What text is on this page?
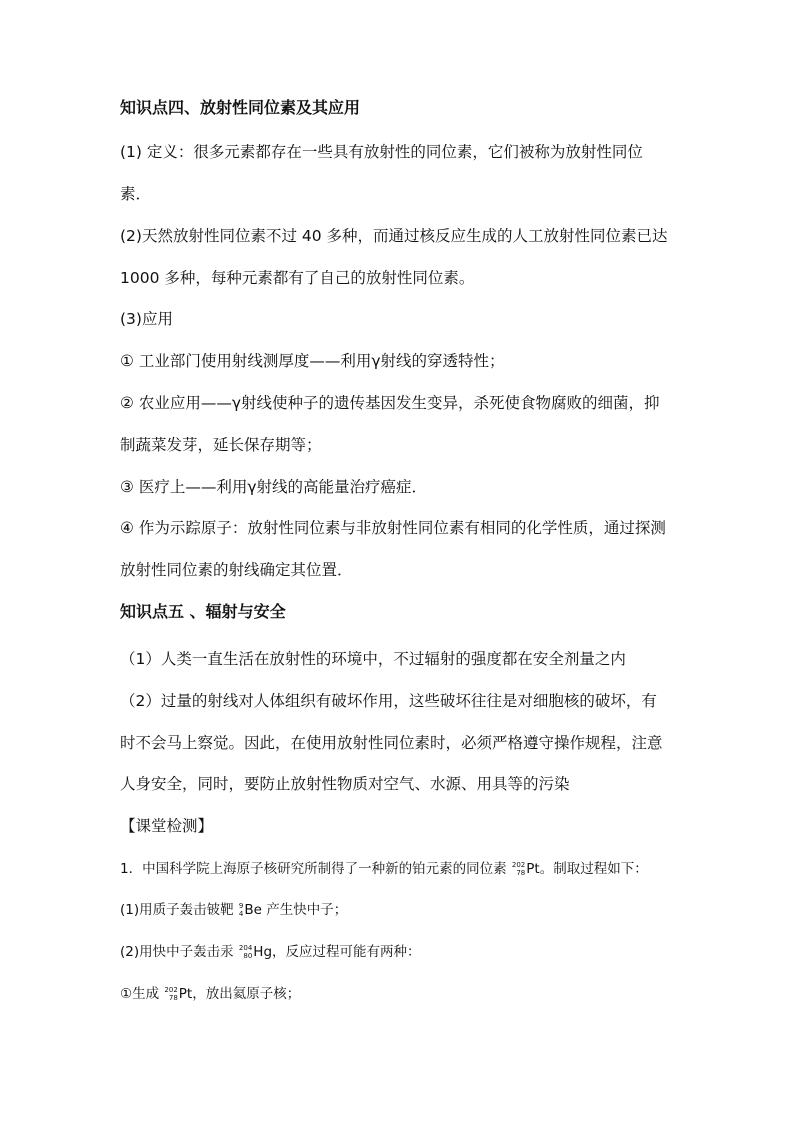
知识点四、放射性同位素及其应用
(1) 定义：很多元素都存在一些具有放射性的同位素，它们被称为放射性同位
素．
(2)天然放射性同位素不过 40 多种，而通过核反应生成的人工放射性同位素已达
1000 多种，每种元素都有了自己的放射性同位素。
(3)应用
① 工业部门使用射线测厚度——利用γ射线的穿透特性；
② 农业应用——γ射线使种子的遗传基因发生变异，杀死使食物腐败的细菌，抑
制蔬菜发芽，延长保存期等；
③ 医疗上——利用γ射线的高能量治疗癌症．
④ 作为示踪原子：放射性同位素与非放射性同位素有相同的化学性质，通过探测
放射性同位素的射线确定其位置．
知识点五 、辐射与安全
（1）人类一直生活在放射性的环境中，不过辐射的强度都在安全剂量之内
（2）过量的射线对人体组织有破坏作用，这些破坏往往是对细胞核的破坏，有
时不会马上察觉。因此，在使用放射性同位素时，必须严格遵守操作规程，注意
人身安全，同时，要防止放射性物质对空气、水源、用具等的污染
【课堂检测】
1．中国科学院上海原子核研究所制得了一种新的铂元素的同位素 202
78 Pt。制取过程如下：
(1)用质子轰击铍靶 9
4 Be 产生快中子；
(2)用快中子轰击汞 204
80 Hg，反应过程可能有两种：
①生成 202
78 Pt，放出氦原子核；
